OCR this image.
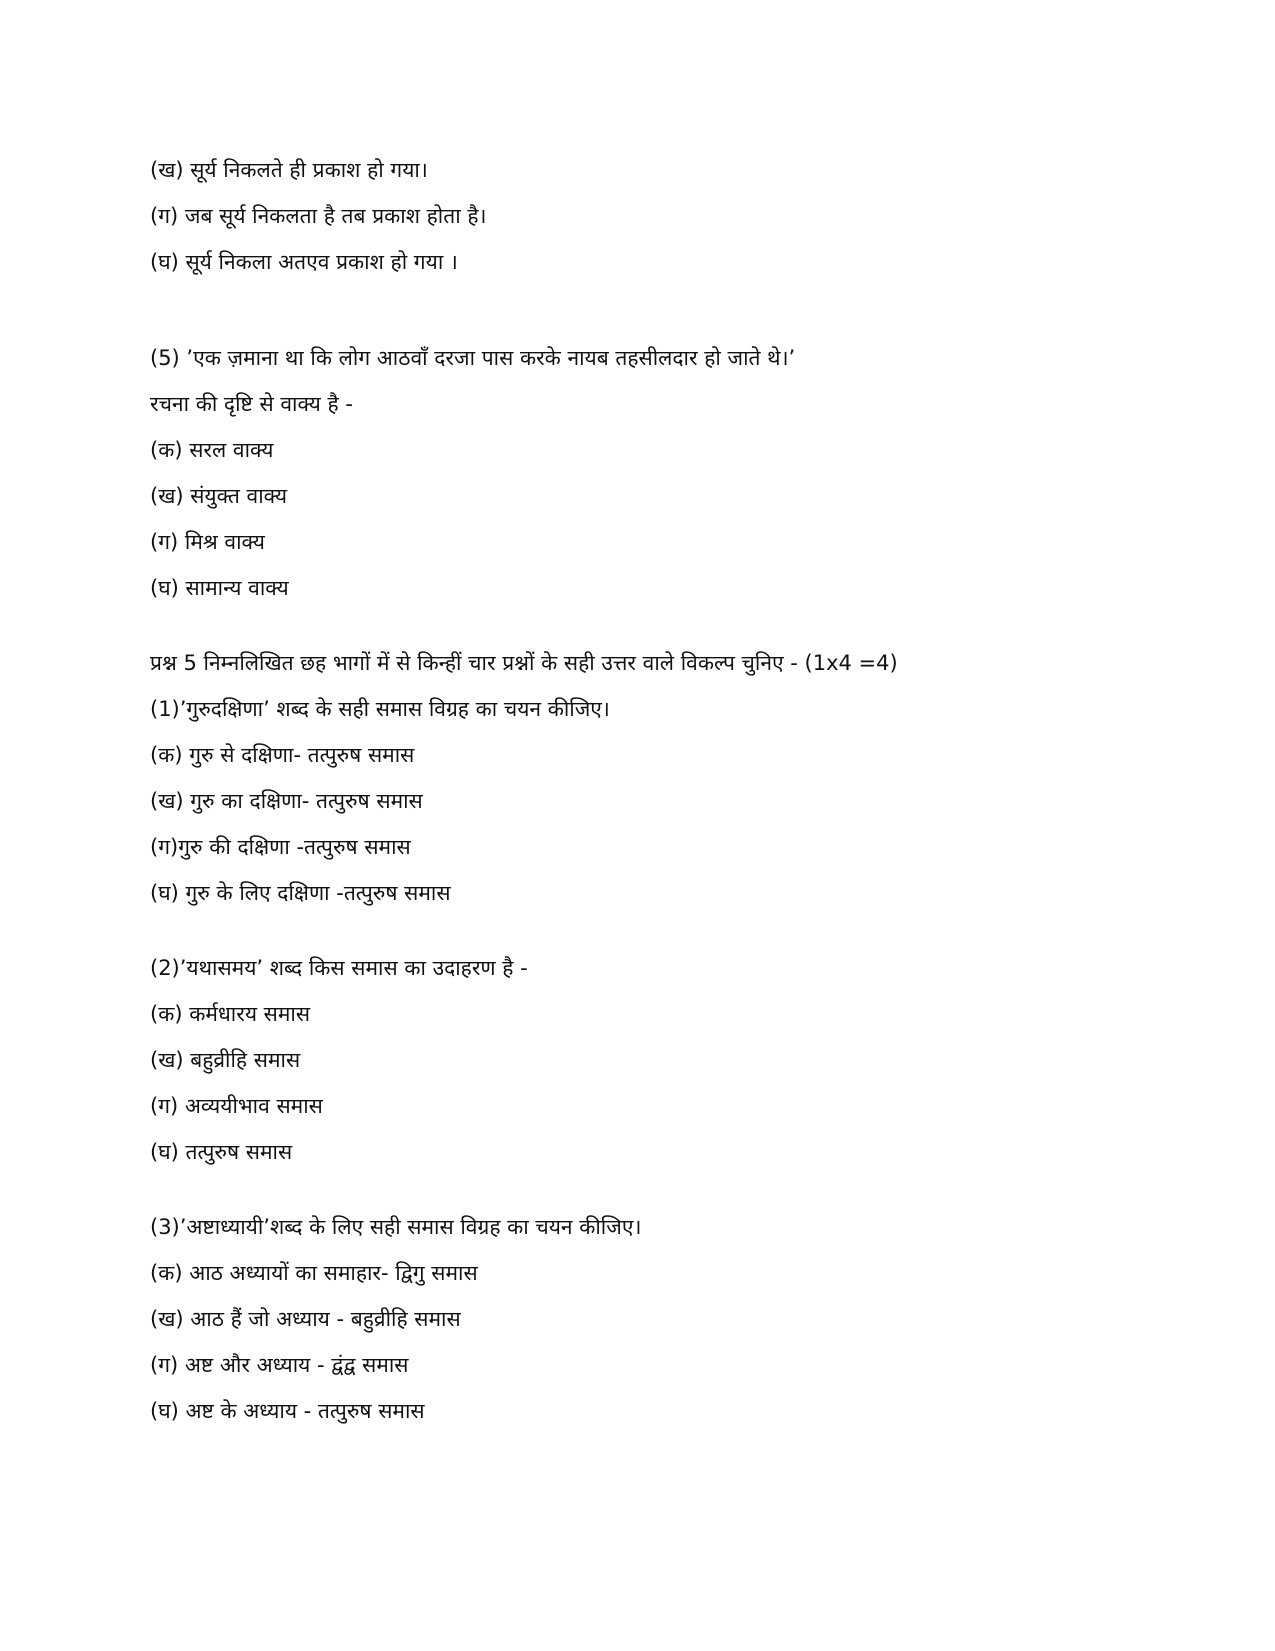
(ख) सूर्य निकलते ही प्रकाश हो गया।
(ग) जब सूर्य निकलता है तब प्रकाश होता है।
(घ) सूर्य निकला अतएव प्रकाश हो गया ।
(5) ’एक ज़माना था कि लोग आठवाँ दरजा पास करके नायब तहसीलदार हो जाते थे।’
रचना की दृष्टि से वाक्य है -
(क) सरल वाक्य
(ख) संयुक्त वाक्य
(ग) मिश्र वाक्य
(घ) सामान्य वाक्य
प्रश्न 5 निम्नलिखित छह भागों में से किन्हीं चार प्रश्नों के सही उत्तर वाले विकल्प चुनिए - (1x4 =4)
(1)’गुरुदक्षिणा’ शब्द के सही समास विग्रह का चयन कीजिए।
(क) गुरु से दक्षिणा- तत्पुरुष समास
(ख) गुरु का दक्षिणा- तत्पुरुष समास
(ग)गुरु की दक्षिणा -तत्पुरुष समास
(घ) गुरु के लिए दक्षिणा -तत्पुरुष समास
(2)’यथासमय’ शब्द किस समास का उदाहरण है -
(क) कर्मधारय समास
(ख) बहुव्रीहि समास
(ग) अव्ययीभाव समास
(घ) तत्पुरुष समास
(3)’अष्टाध्यायी’शब्द के लिए सही समास विग्रह का चयन कीजिए।
(क) आठ अध्यायों का समाहार- द्विगु समास
(ख) आठ हैं जो अध्याय - बहुव्रीहि समास
(ग) अष्ट और अध्याय - द्वंद्व समास
(घ) अष्ट के अध्याय - तत्पुरुष समास
